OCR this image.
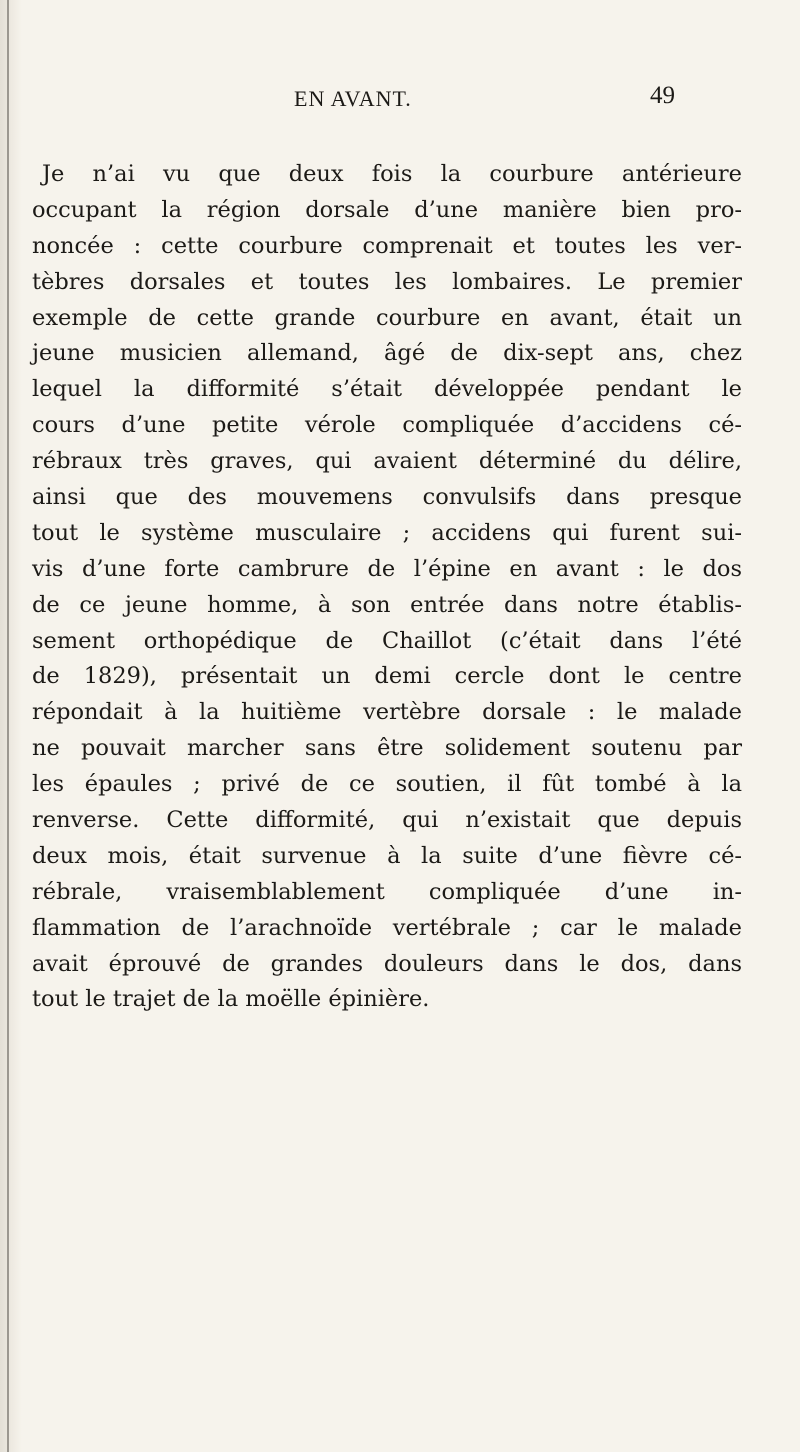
EN AVANT.	49
Je n’ai vu que deux fois la courbure antérieure
occupant la région dorsale d’une manière bien pro-
noncée : cette courbure comprenait et toutes les ver-
tèbres dorsales et toutes les lombaires. Le premier
exemple de cette grande courbure en avant, était un
jeune musicien allemand, âgé de dix-sept ans, chez
lequel la difformité s’était développée pendant le
cours d’une petite vérole compliquée d’accidens cé-
rébraux très graves, qui avaient déterminé du délire,
ainsi que des mouvemens convulsifs dans presque
tout le système musculaire ; accidens qui furent sui-
vis d’une forte cambrure de l’épine en avant : le dos
de ce jeune homme, à son entrée dans notre établis-
sement orthopédique de Chaillot (c’était dans l’été
de 1829), présentait un demi cercle dont le centre
répondait à la huitième vertèbre dorsale : le malade
ne pouvait marcher sans être solidement soutenu par
les épaules ; privé de ce soutien, il fût tombé à la
renverse. Cette difformité, qui n’existait que depuis
deux mois, était survenue à la suite d’une fièvre cé-
rébrale, vraisemblablement compliquée d’une in-
flammation de l’arachnoïde vertébrale ; car le malade
avait éprouvé de grandes douleurs dans le dos, dans
tout le trajet de la moëlle épinière.
